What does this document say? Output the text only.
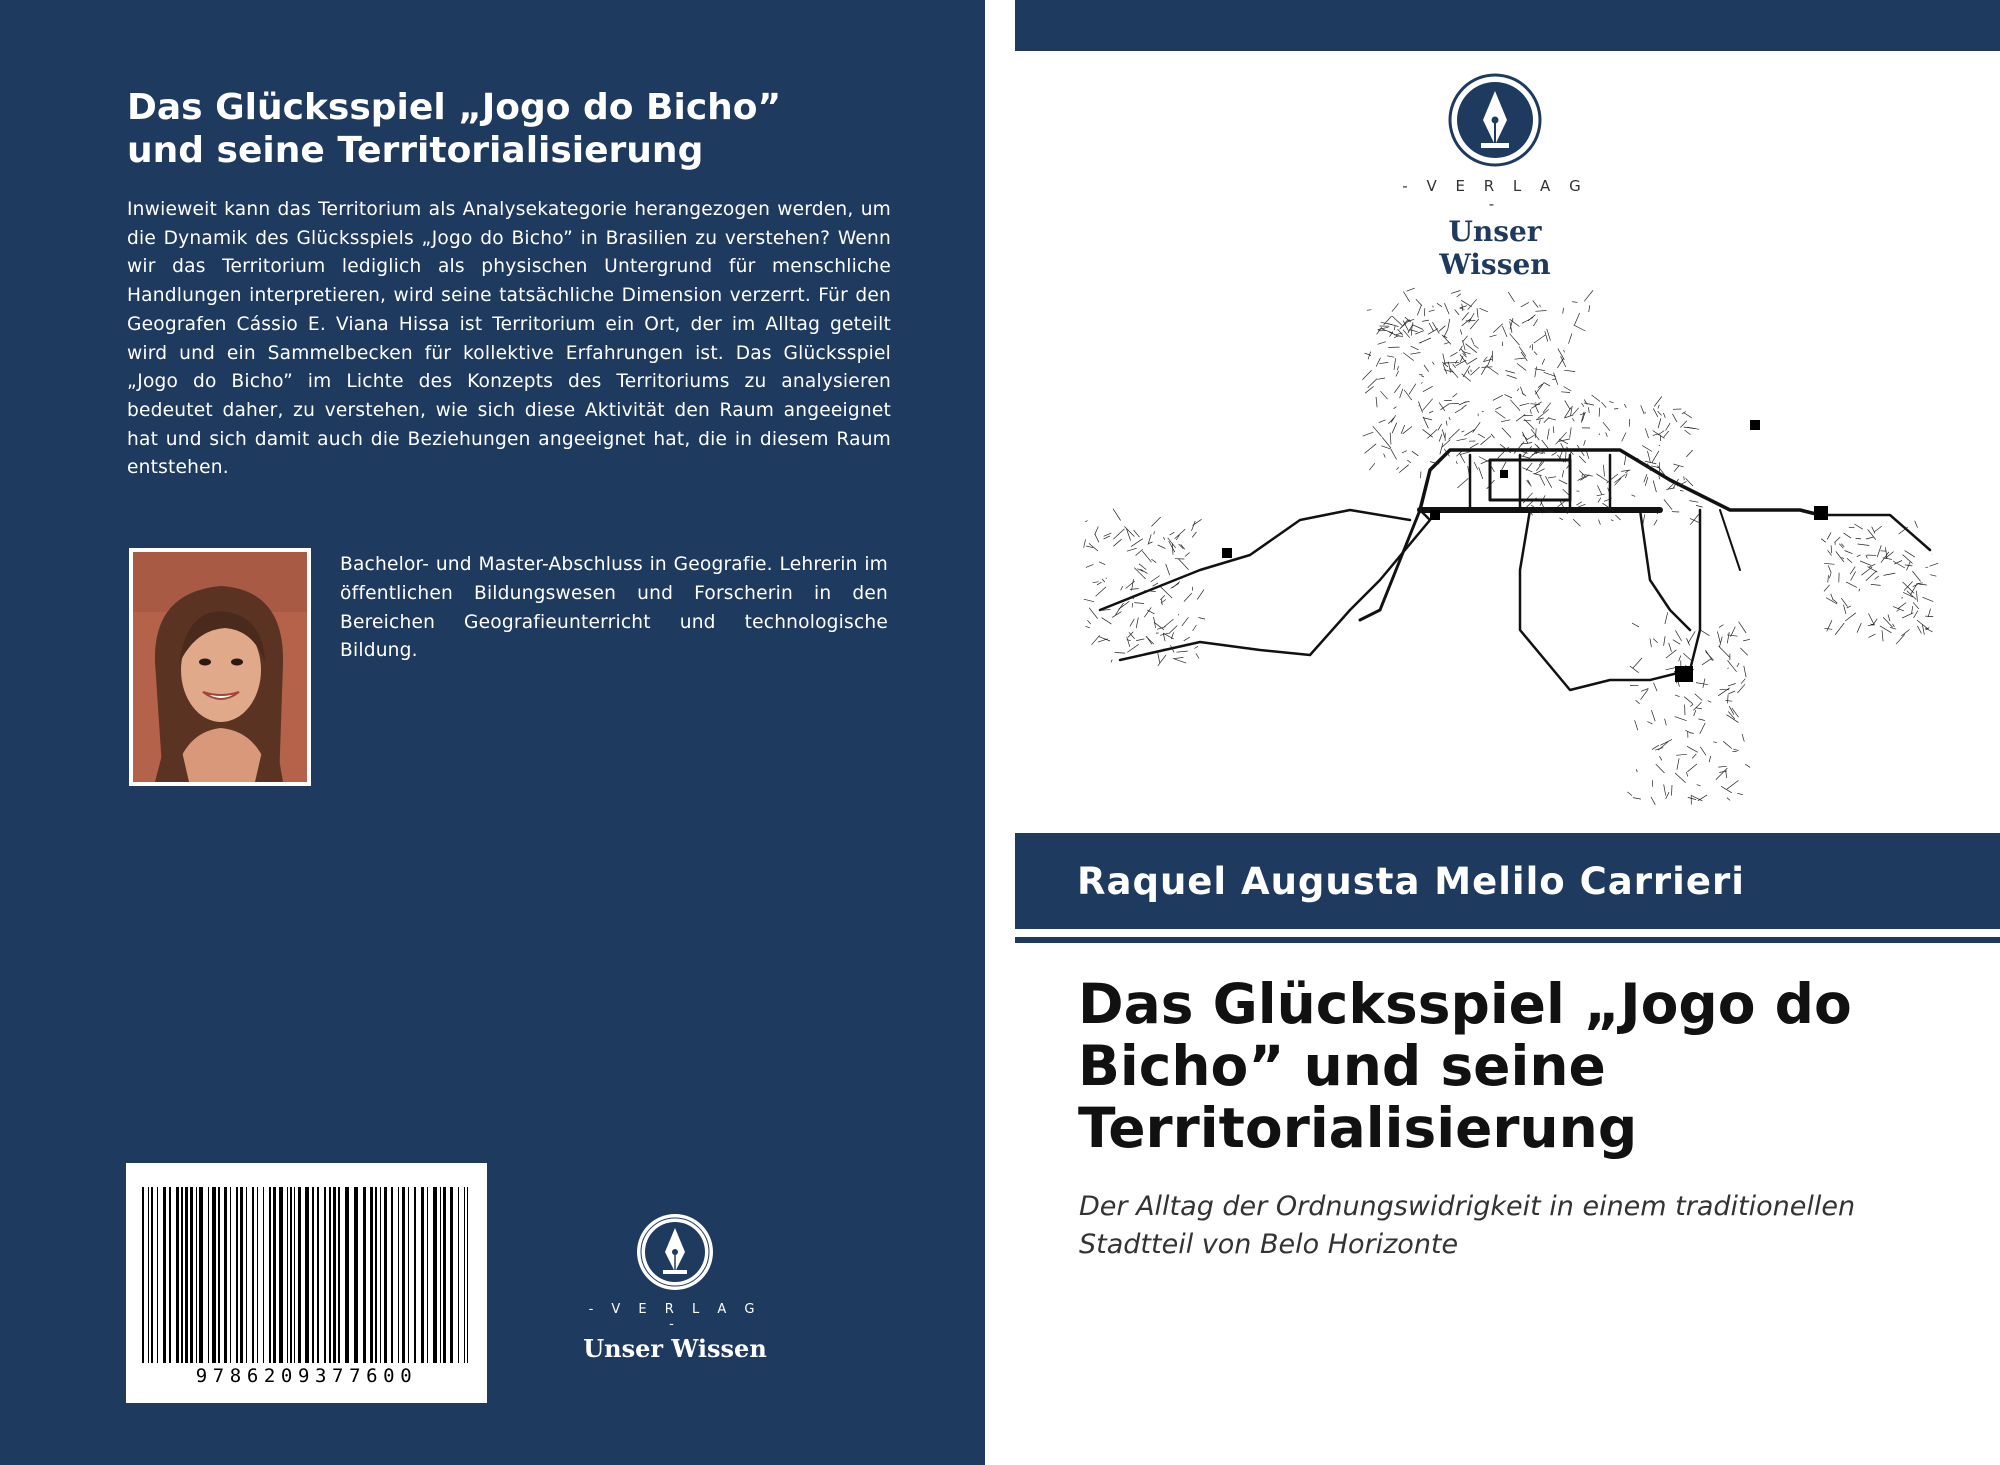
Das Glücksspiel „Jogo do Bicho” und seine Territorialisierung

Inwieweit kann das Territorium als Analysekategorie herangezogen werden, um die Dynamik des Glücksspiels „Jogo do Bicho” in Brasilien zu verstehen? Wenn wir das Territorium lediglich als physischen Untergrund für menschliche Handlungen interpretieren, wird seine tatsächliche Dimension verzerrt. Für den Geografen Cássio E. Viana Hissa ist Territorium ein Ort, der im Alltag geteilt wird und ein Sammelbecken für kollektive Erfahrungen ist. Das Glücksspiel „Jogo do Bicho” im Lichte des Konzepts des Territoriums zu analysieren bedeutet daher, zu verstehen, wie sich diese Aktivität den Raum angeeignet hat und sich damit auch die Beziehungen angeeignet hat, die in diesem Raum entstehen.

Bachelor- und Master-Abschluss in Geografie. Lehrerin im öffentlichen Bildungswesen und Forscherin in den Bereichen Geografieunterricht und technologische Bildung.

9786209377600
- V E R L A G -
Unser Wissen
- V E R L A G -
Unser Wissen

Raquel Augusta Melilo Carrieri

Das Glücksspiel „Jogo do Bicho” und seine Territorialisierung

Der Alltag der Ordnungswidrigkeit in einem traditionellen Stadtteil von Belo Horizonte
